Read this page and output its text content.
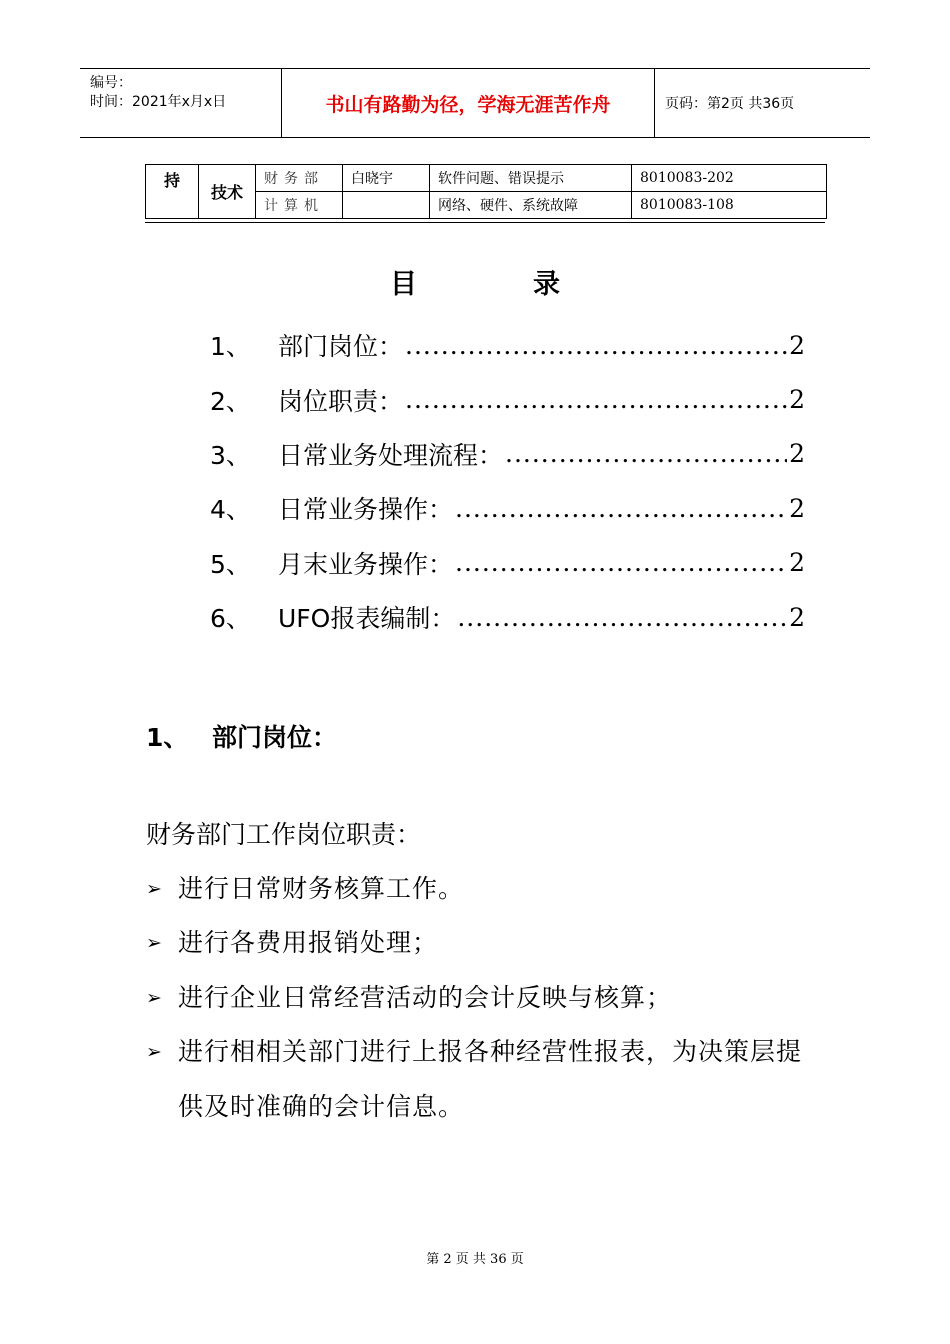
编号：
时间：2021年x月x日	书山有路勤为径，学海无涯苦作舟	页码：第2页 共36页
持	技术	财务部	白晓宇	软件问题、错误提示	8010083-202
		计算机		网络、硬件、系统故障	8010083-108
目	录
1、	部门岗位： .....	2
2、	岗位职责： .....	2
3、	日常业务处理流程： .....	2
4、	日常业务操作： .....	2
5、	月末业务操作： .....	2
6、	UFO报表编制： .....	2
1、 部门岗位：
财务部门工作岗位职责：
➢ 进行日常财务核算工作。
➢ 进行各费用报销处理；
➢ 进行企业日常经营活动的会计反映与核算；
➢ 进行相相关部门进行上报各种经营性报表，为决策层提供及时准确的会计信息。
第 2 页 共 36 页
